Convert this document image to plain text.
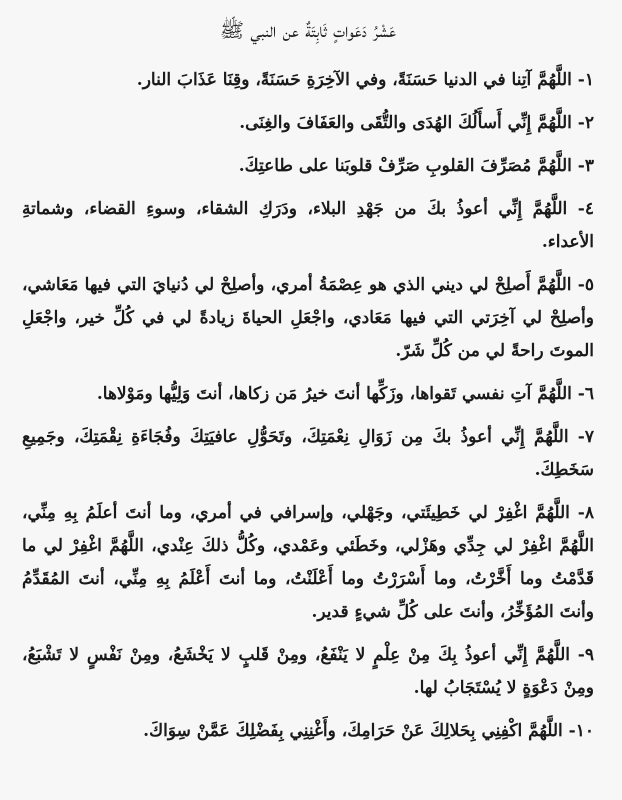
عَشْرُ دَعَواتٍ ثَابِتَةٌ عن النبي ﷺ
١- اللَّهُمَّ آتِنا في الدنيا حَسَنَةً، وفي الآخِرَةِ حَسَنَةً، وقِنَا عَذَابَ النار.
٢- اللَّهُمَّ إِنِّي أَسأَلُكَ الهُدَى والتُّقَى والعَفَافَ والغِنَى.
٣- اللَّهُمَّ مُصَرِّفَ القلوبِ صَرِّفْ قلوبَنا على طاعتِكَ.
٤- اللَّهُمَّ إِنِّي أعوذُ بكَ من جَهْدِ البلاء، ودَرَكِ الشقاء، وسوءِ القضاء، وشماتةِ الأعداء.
٥- اللَّهُمَّ أَصلِحْ لي ديني الذي هو عِصْمَةُ أمري، وأصلِحْ لي دُنيايَ التي فيها مَعَاشي، وأصلِحْ لي آخِرَتي التي فيها مَعَادي، واجْعَلِ الحياةَ زيادةً لي في كُلِّ خير، واجْعَلِ الموتَ راحةً لي من كُلِّ شَرّ.
٦- اللَّهُمَّ آتِ نفسي تَقواها، وزَكِّها أنتَ خيرُ مَن زكاها، أنتَ وَلِيُّها ومَوْلاها.
٧- اللَّهُمَّ إِنِّي أعوذُ بكَ مِن زَوَالِ نِعْمَتِكَ، وتَحَوُّلِ عافيَتِكَ وفُجَاءَةِ نِقْمَتِكَ، وجَمِيعِ سَخَطِكَ.
٨- اللَّهُمَّ اغْفِرْ لي خَطِيئَتي، وجَهْلي، وإسرافي في أمري، وما أنتَ أعلَمُ بِهِ مِنِّي، اللَّهُمَّ اغْفِرْ لي جِدِّي وهَزْلي، وخَطَئي وعَمْدي، وكُلُّ ذلكَ عِنْدي، اللَّهُمَّ اغْفِرْ لي ما قَدَّمْتُ وما أَخَّرْتُ، وما أَسْرَرْتُ وما أَعْلَنْتُ، وما أنتَ أَعْلَمُ بِهِ مِنِّي، أنتَ المُقَدِّمُ وأنتَ المُؤَخِّرُ، وأنتَ على كُلِّ شيءٍ قدير.
٩- اللَّهُمَّ إِنِّي أعوذُ بِكَ مِنْ عِلْمٍ لا يَنْفَعُ، ومِنْ قَلبٍ لا يَخْشَعُ، ومِنْ نَفْسٍ لا تَشْبَعُ، ومِنْ دَعْوَةٍ لا يُسْتَجَابُ لها.
١٠- اللَّهُمَّ اكْفِنِي بِحَلالِكَ عَنْ حَرَامِكَ، وأَغْنِنِي بِفَضْلِكَ عَمَّنْ سِوَاكَ.
